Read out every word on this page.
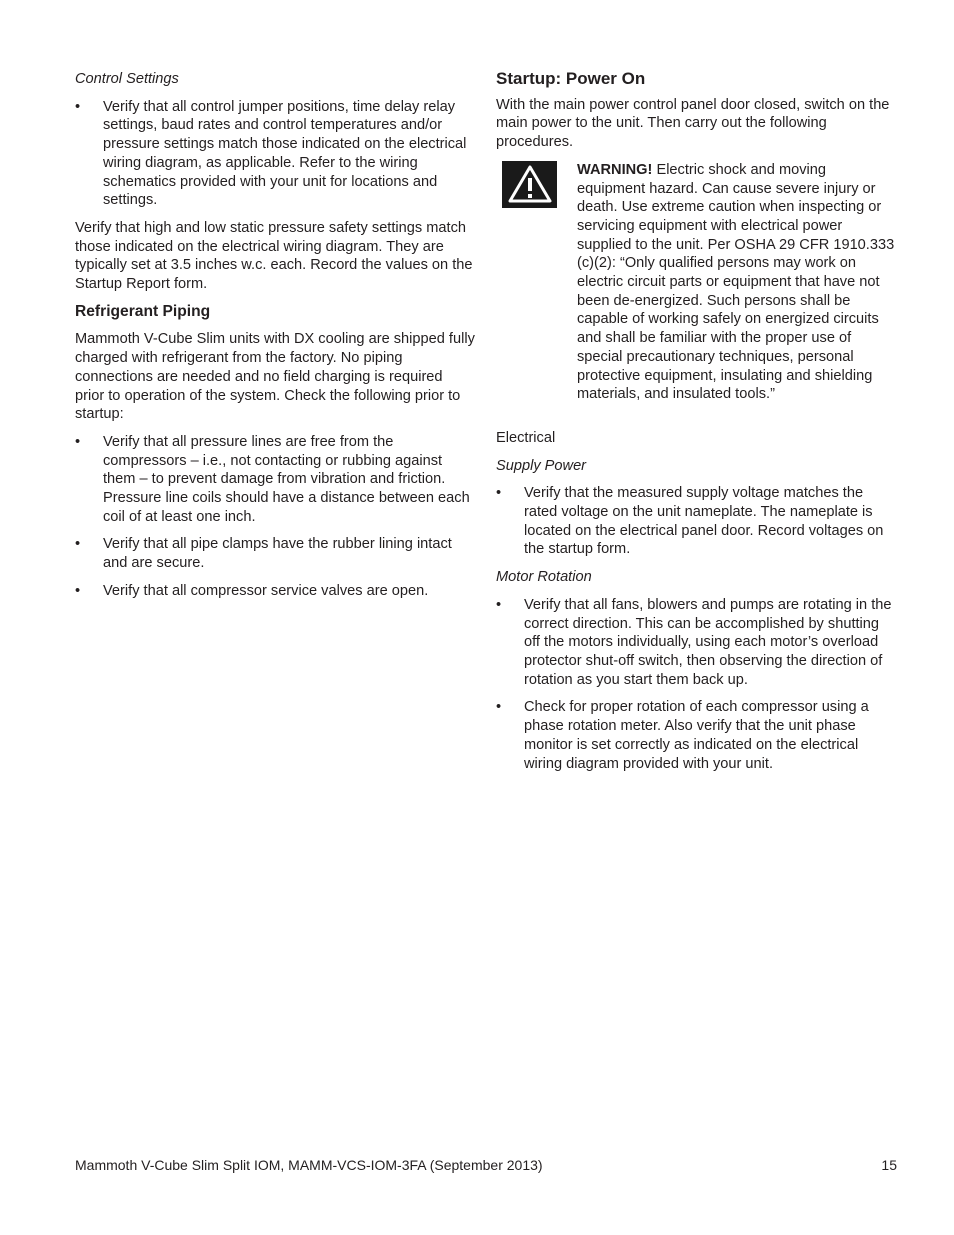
Control Settings
• Verify that all control jumper positions, time delay relay settings, baud rates and control temperatures and/or pressure settings match those indicated on the electrical wiring diagram, as applicable. Refer to the wiring schematics provided with your unit for locations and settings.

Verify that high and low static pressure safety settings match those indicated on the electrical wiring diagram. They are typically set at 3.5 inches w.c. each. Record the values on the Startup Report form.

Refrigerant Piping

Mammoth V-Cube Slim units with DX cooling are shipped fully charged with refrigerant from the factory. No piping connections are needed and no field charging is required prior to operation of the system. Check the following prior to startup:

• Verify that all pressure lines are free from the compressors – i.e., not contacting or rubbing against them – to prevent damage from vibration and friction. Pressure line coils should have a distance between each coil of at least one inch.
• Verify that all pipe clamps have the rubber lining intact and are secure.
• Verify that all compressor service valves are open.
Startup: Power On

With the main power control panel door closed, switch on the main power to the unit. Then carry out the following procedures.

WARNING! Electric shock and moving equipment hazard. Can cause severe injury or death. Use extreme caution when inspecting or servicing equipment with electrical power supplied to the unit. Per OSHA 29 CFR 1910.333 (c)(2): “Only qualified persons may work on electric circuit parts or equipment that have not been de-energized. Such persons shall be capable of working safely on energized circuits and shall be familiar with the proper use of special precautionary techniques, personal protective equipment, insulating and shielding materials, and insulated tools.”
Electrical
Supply Power
• Verify that the measured supply voltage matches the rated voltage on the unit nameplate. The nameplate is located on the electrical panel door. Record voltages on the startup form.
Motor Rotation
• Verify that all fans, blowers and pumps are rotating in the correct direction. This can be accomplished by shutting off the motors individually, using each motor’s overload protector shut-off switch, then observing the direction of rotation as you start them back up.
• Check for proper rotation of each compressor using a phase rotation meter. Also verify that the unit phase monitor is set correctly as indicated on the electrical wiring diagram provided with your unit.
Mammoth V-Cube Slim Split IOM, MAMM-VCS-IOM-3FA (September 2013)	15
